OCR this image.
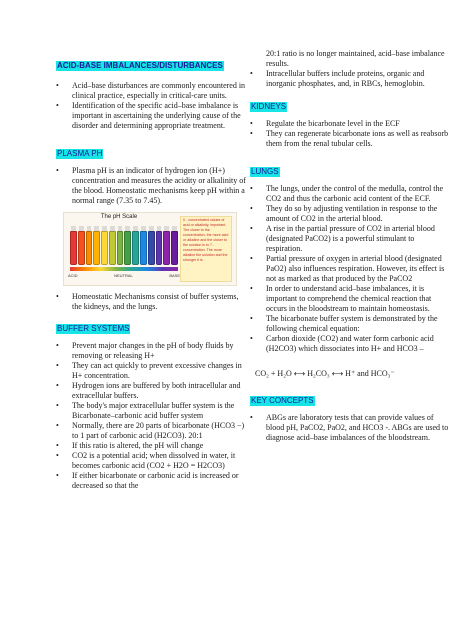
ACID-BASE IMBALANCES/DISTURBANCES
• Acid–base disturbances are commonly encountered in clinical practice, especially in critical-care units.
• Identification of the specific acid–base imbalance is important in ascertaining the underlying cause of the disorder and determining appropriate treatment.
PLASMA PH
• Plasma pH is an indicator of hydrogen ion (H+) concentration and measures the acidity or alkalinity of the blood. Homeostatic mechanisms keep pH within a normal range (7.35 to 7.45).
The pH Scale
ACID	NEUTRAL	BASE
0 - concentrated values of acid or alkalinity, important. The closer to the concentration, the more acid or alkaline and the closer to the solution is to 7 - concentration. The more alkaline the solution and the stronger it is.
• Homeostatic Mechanisms consist of buffer systems, the kidneys, and the lungs.
BUFFER SYSTEMS
• Prevent major changes in the pH of body fluids by removing or releasing H+
• They can act quickly to prevent excessive changes in H+ concentration.
• Hydrogen ions are buffered by both intracellular and extracellular buffers.
• The body's major extracellular buffer system is the Bicarbonate–carbonic acid buffer system
• Normally, there are 20 parts of bicarbonate (HCO3 −) to 1 part of carbonic acid (H2CO3). 20:1
• If this ratio is altered, the pH will change
• CO2 is a potential acid; when dissolved in water, it becomes carbonic acid (CO2 + H2O = H2CO3)
• If either bicarbonate or carbonic acid is increased or decreased so that the
20:1 ratio is no longer maintained, acid–base imbalance results.
• Intracellular buffers include proteins, organic and inorganic phosphates, and, in RBCs, hemoglobin.
KIDNEYS
• Regulate the bicarbonate level in the ECF
• They can regenerate bicarbonate ions as well as reabsorb them from the renal tubular cells.
LUNGS
• The lungs, under the control of the medulla, control the CO2 and thus the carbonic acid content of the ECF.
• They do so by adjusting ventilation in response to the amount of CO2 in the arterial blood.
• A rise in the partial pressure of CO2 in arterial blood (designated PaCO2) is a powerful stimulant to respiration.
• Partial pressure of oxygen in arterial blood (designated PaO2) also influences respiration. However, its effect is not as marked as that produced by the PaCO2
• In order to understand acid–base imbalances, it is important to comprehend the chemical reaction that occurs in the bloodstream to maintain homeostasis.
• The bicarbonate buffer system is demonstrated by the following chemical equation:
• Carbon dioxide (CO2) and water form carbonic acid (H2CO3) which dissociates into H+ and HCO3 –
CO₂ + H₂O ⟷ H₂CO₃ ⟷ H⁺ and HCO₃⁻
KEY CONCEPTS
• ABGs are laboratory tests that can provide values of blood pH, PaCO2, PaO2, and HCO3 -. ABGs are used to diagnose acid–base imbalances of the bloodstream.
